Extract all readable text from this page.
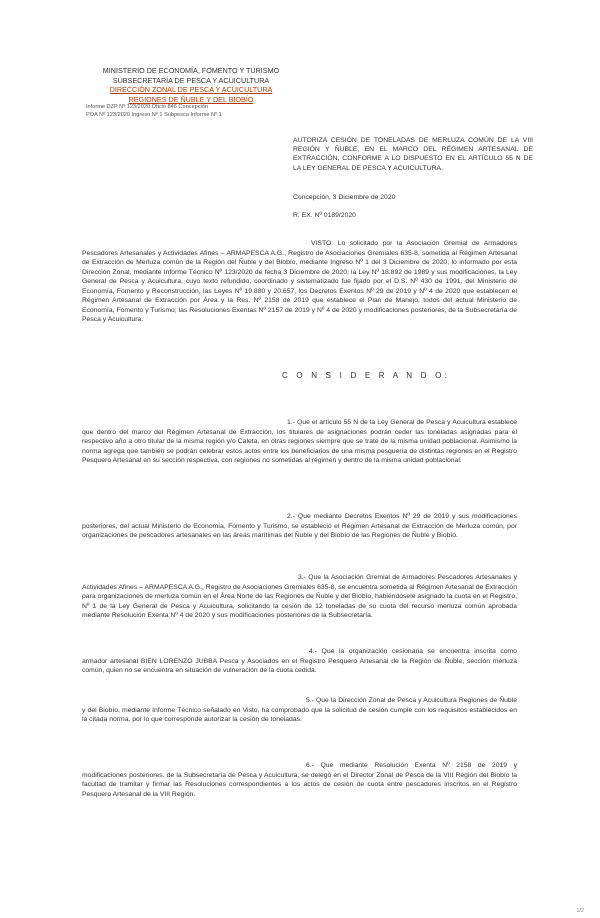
MINISTERIO DE ECONOMÍA, FOMENTO Y TURISMO
SUBSECRETARÍA DE PESCA Y ACUICULTURA
DIRECCIÓN ZONAL DE PESCA Y ACUICULTURA
REGIONES DE ÑUBLE Y DEL BIOBÍO
Informe DZP Nº 123/2020 Oficio 846 Concepción
POA Nº 123/2020 Ingreso Nº 1 Subpesca Informe Nº 1
AUTORIZA CESIÓN DE TONELADAS DE MERLUZA COMÚN DE LA VIII REGIÓN Y ÑUBLE, EN EL MARCO DEL RÉGIMEN ARTESANAL DE EXTRACCIÓN, CONFORME A LO DISPUESTO EN EL ARTÍCULO 55 N DE LA LEY GENERAL DE PESCA Y ACUICULTURA.
Concepción, 3 Diciembre de 2020
R. EX. Nº 0189/2020
VISTO: Lo solicitado por la Asociación Gremial de Armadores Pescadores Artesanales y Actividades Afines – ARMAPESCA A.G., Registro de Asociaciones Gremiales 635-8, sometida al Régimen Artesanal de Extracción de Merluza común de la Región del Ñuble y del Biobío, mediante Ingreso Nº 1 del 3 Diciembre de 2020; lo informado por esta Dirección Zonal, mediante Informe Técnico Nº 123/2020 de fecha 3 Diciembre de 2020; la Ley Nº 18.892 de 1989 y sus modificaciones, la Ley General de Pesca y Acuicultura, cuyo texto refundido, coordinado y sistematizado fue fijado por el D.S. Nº 430 de 1991, del Ministerio de Economía, Fomento y Reconstrucción, las Leyes Nº 19.880 y 20.657, los Decretos Exentos Nº 29 de 2019 y Nº 4 de 2020 que establecen el Régimen Artesanal de Extracción por Área y la Res. Nº 2158 de 2019 que establece el Plan de Manejo, todos del actual Ministerio de Economía, Fomento y Turismo; las Resoluciones Exentas Nº 2157 de 2019 y Nº 4 de 2020 y modificaciones posteriores, de la Subsecretaría de Pesca y Acuicultura.
C O N S I D E R A N D O:
1.- Que el artículo 55 N de la Ley General de Pesca y Acuicultura establece que dentro del marco del Régimen Artesanal de Extracción, los titulares de asignaciones podrán ceder las toneladas asignadas para el respectivo año a otro titular de la misma región y/o Caleta, en otras regiones siempre que se trate de la misma unidad poblacional. Asimismo la norma agrega que también se podrán celebrar estos actos entre los beneficiarios de una misma pesquería de distintas regiones en el Registro Pesquero Artesanal en su sección respectiva, con regiones no sometidas al régimen y dentro de la misma unidad poblacional.
2.- Que mediante Decretos Exentos Nº 29 de 2019 y sus modificaciones posteriores, del actual Ministerio de Economía, Fomento y Turismo, se estableció el Régimen Artesanal de Extracción de Merluza común, por organizaciones de pescadores artesanales en las áreas marítimas del Ñuble y del Biobío de las Regiones de Ñuble y Biobío.
3.- Que la Asociación Gremial de Armadores Pescadores Artesanales y Actividades Afines – ARMAPESCA A.G., Registro de Asociaciones Gremiales 635-8, se encuentra sometida al Régimen Artesanal de Extracción para organizaciones de merluza común en el Área Norte de las Regiones de Ñuble y del Biobío, habiéndosele asignado la cuota en el Registro, Nº 1 de la Ley General de Pesca y Acuicultura, solicitando la cesión de 12 toneladas de su cuota del recurso merluza común aprobada mediante Resolución Exenta Nº 4 de 2020 y sus modificaciones posteriores de la Subsecretaría.
4.- Que la organización cesionaria se encuentra inscrita como armador artesanal BIEN LORENZO JUBBA Pesca y Asociados en el Registro Pesquero Artesanal de la Región de Ñuble, sección merluza común, quien no se encuentra en situación de vulneración de la cuota cedida.
5.- Que la Dirección Zonal de Pesca y Acuicultura Regiones de Ñuble y del Biobío, mediante Informe Técnico señalado en Visto, ha comprobado que la solicitud de cesión cumple con los requisitos establecidos en la citada norma, por lo que corresponde autorizar la cesión de toneladas.
6.- Que mediante Resolución Exenta Nº 2158 de 2019 y modificaciones posteriores, de la Subsecretaría de Pesca y Acuicultura, se delegó en el Director Zonal de Pesca de la VIII Región del Biobío la facultad de tramitar y firmar las Resoluciones correspondientes a los actos de cesión de cuota entre pescadores inscritos en el Registro Pesquero Artesanal de la VIII Región.
1/2
